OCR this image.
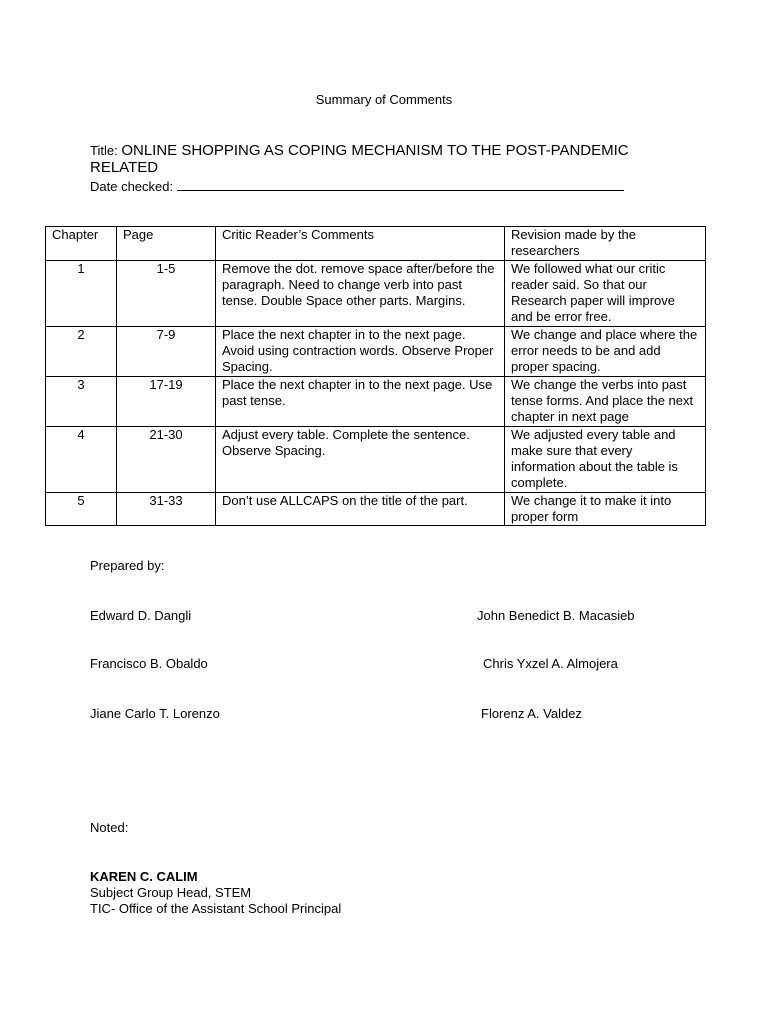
Summary of Comments
Title: ONLINE SHOPPING AS COPING MECHANISM TO THE POST-PANDEMIC RELATED
Date checked:
Chapter	Page	Critic Reader’s Comments	Revision made by the researchers
1	1-5	Remove the dot. remove space after/before the paragraph. Need to change verb into past tense. Double Space other parts. Margins.	We followed what our critic reader said. So that our Research paper will improve and be error free.
2	7-9	Place the next chapter in to the next page. Avoid using contraction words. Observe Proper Spacing.	We change and place where the error needs to be and add proper spacing.
3	17-19	Place the next chapter in to the next page. Use past tense.	We change the verbs into past tense forms. And place the next chapter in next page
4	21-30	Adjust every table. Complete the sentence. Observe Spacing.	We adjusted every table and make sure that every information about the table is complete.
5	31-33	Don’t use ALLCAPS on the title of the part.	We change it to make it into proper form
Prepared by:
Edward D. Dangli	John Benedict B. Macasieb
Francisco B. Obaldo	Chris Yxzel A. Almojera
Jiane Carlo T. Lorenzo	Florenz A. Valdez
Noted:
KAREN C. CALIM
Subject Group Head, STEM
TIC- Office of the Assistant School Principal
